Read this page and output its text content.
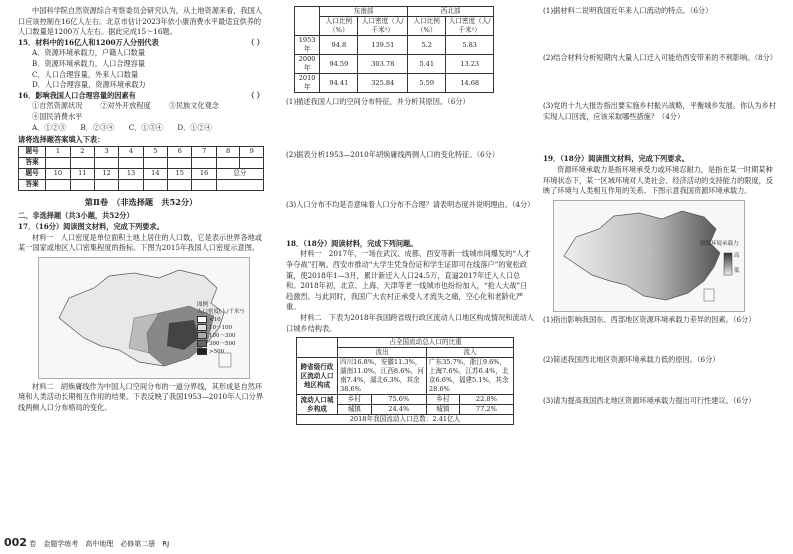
中国科学院自然资源综合考察委员会研究认为，从土地资源来看，我国人口应该控制在16亿人左右。北京市估计2023年依小康消费水平最适宜供养的人口数量是1200万人左右。据此完成15～16题。

15．材料中的16亿人和1200万人分别代表	（ ）

A．资源环境承载力，户籍人口数量

B．资源环境承载力，人口合理容量

C．人口合理容量，外来人口数量

D．人口合理容量，资源环境承载力

16．影响我国人口合理容量的因素有	（ ）

①自然资源状况	②对外开放程度	③民族文化观念

④国民消费水平

A．①②③　　B．②③④　　C．①③④　　D．①②④

请将选择题答案填入下表：

题号	1	2	3	4	5	6	7	8	9
答案									
题号	10	11	12	13	14	15	16	总分	
答案									

第Ⅱ卷　（非选择题　共52分）

二、非选择题（共3小题，共52分）

17．（16分）阅读图文材料，完成下列要求。

材料一　人口密度是单位面积土地上居住的人口数，它是表示世界各地或某一国家或地区人口密集程度的指标。下图为2015年我国人口密度示意图。

图例
人口密度(人/千米²)
<10
10～100
100～300
300～500
>500

材料二　胡焕庸线作为中国人口空间分布的一道分界线，其形成是自然环境和人类活动长期相互作用的结果。下表反映了我国1953—2010年人口分界线两侧人口分布格局的变化。

	东南部		西北部	
	人口比例（%）	人口密度（人/千米²）	人口比例（%）	人口密度（人/千米²）
1953年	94.8	139.51	5.2	5.83
2000年	94.59	303.78	5.41	13.23
2010年	94.41	325.84	5.59	14.68

(1)描述我国人口的空间分布特征，并分析其原因。（6分）

(2)据表分析1953—2010年胡焕庸线两侧人口的变化特征。（6分）

(3)人口分布不均是否意味着人口分布不合理？请表明态度并说明理由。（4分）

18．（18分）阅读材料，完成下列问题。

材料一　2017年，一场在武汉、成都、西安等新一线城市间爆发的“人才争夺战”打响。西安市推动“大学生凭身份证和学生证即可在线落户”的宽松政策，使2018年1—3月，累计新迁入人口24.5万，直逼2017年迁入人口总和。2018年初，北京、上海、天津等老一线城市也纷纷加入，“抢人大战”日趋激烈。与此同时，我国广大农村正承受人才流失之痛，空心化和老龄化严重。

材料二　下表为2018年我国跨省级行政区流动人口地区构成情况和流动人口城乡结构表。

	占全国流动总人口的比重			
	流出		流入	
跨省级行政区流动人口地区构成	四川16.8%，安徽11.3%，湖南11.0%，江西8.6%，河南7.4%，湖北6.3%，其余38.6%		广东35.7%，浙江9.6%，上海7.6%，江苏6.4%，北京6.6%，福建5.1%，其余28.6%	
流动人口城乡构成	乡村	75.6%	乡村	22.8%
	城镇	24.4%	城镇	77.2%
2018年我国流动人口总数：2.41亿人				

(1)据材料二说明我国近年来人口流动的特点。（6分）

(2)结合材料分析短期内大量人口迁入可能给西安带来的不利影响。（8分）

(3)党的十九大报告指出要实施乡村振兴战略，平衡城乡发展。你认为乡村实现人口回流，应该采取哪些措施？（4分）

19．（18分）阅读图文材料，完成下列要求。

资源环境承载力是指环境承受力或环境忍耐力，是指在某一时期某种环境状态下，某一区域环境对人类社会、经济活动的支持能力的限度，反映了环境与人类相互作用的关系。下图示意我国资源环境承载力。

资源环境承载力
高
低

(1)指出影响我国东、西部地区资源环境承载力差异的因素。（6分）

(2)简述我国西北地区资源环境承载力低的原因。（6分）

(3)请为提高我国西北地区资源环境承载力提出可行性建议。（6分）

002 卷　金题学练考　高中地理　必修第二册　RJ
